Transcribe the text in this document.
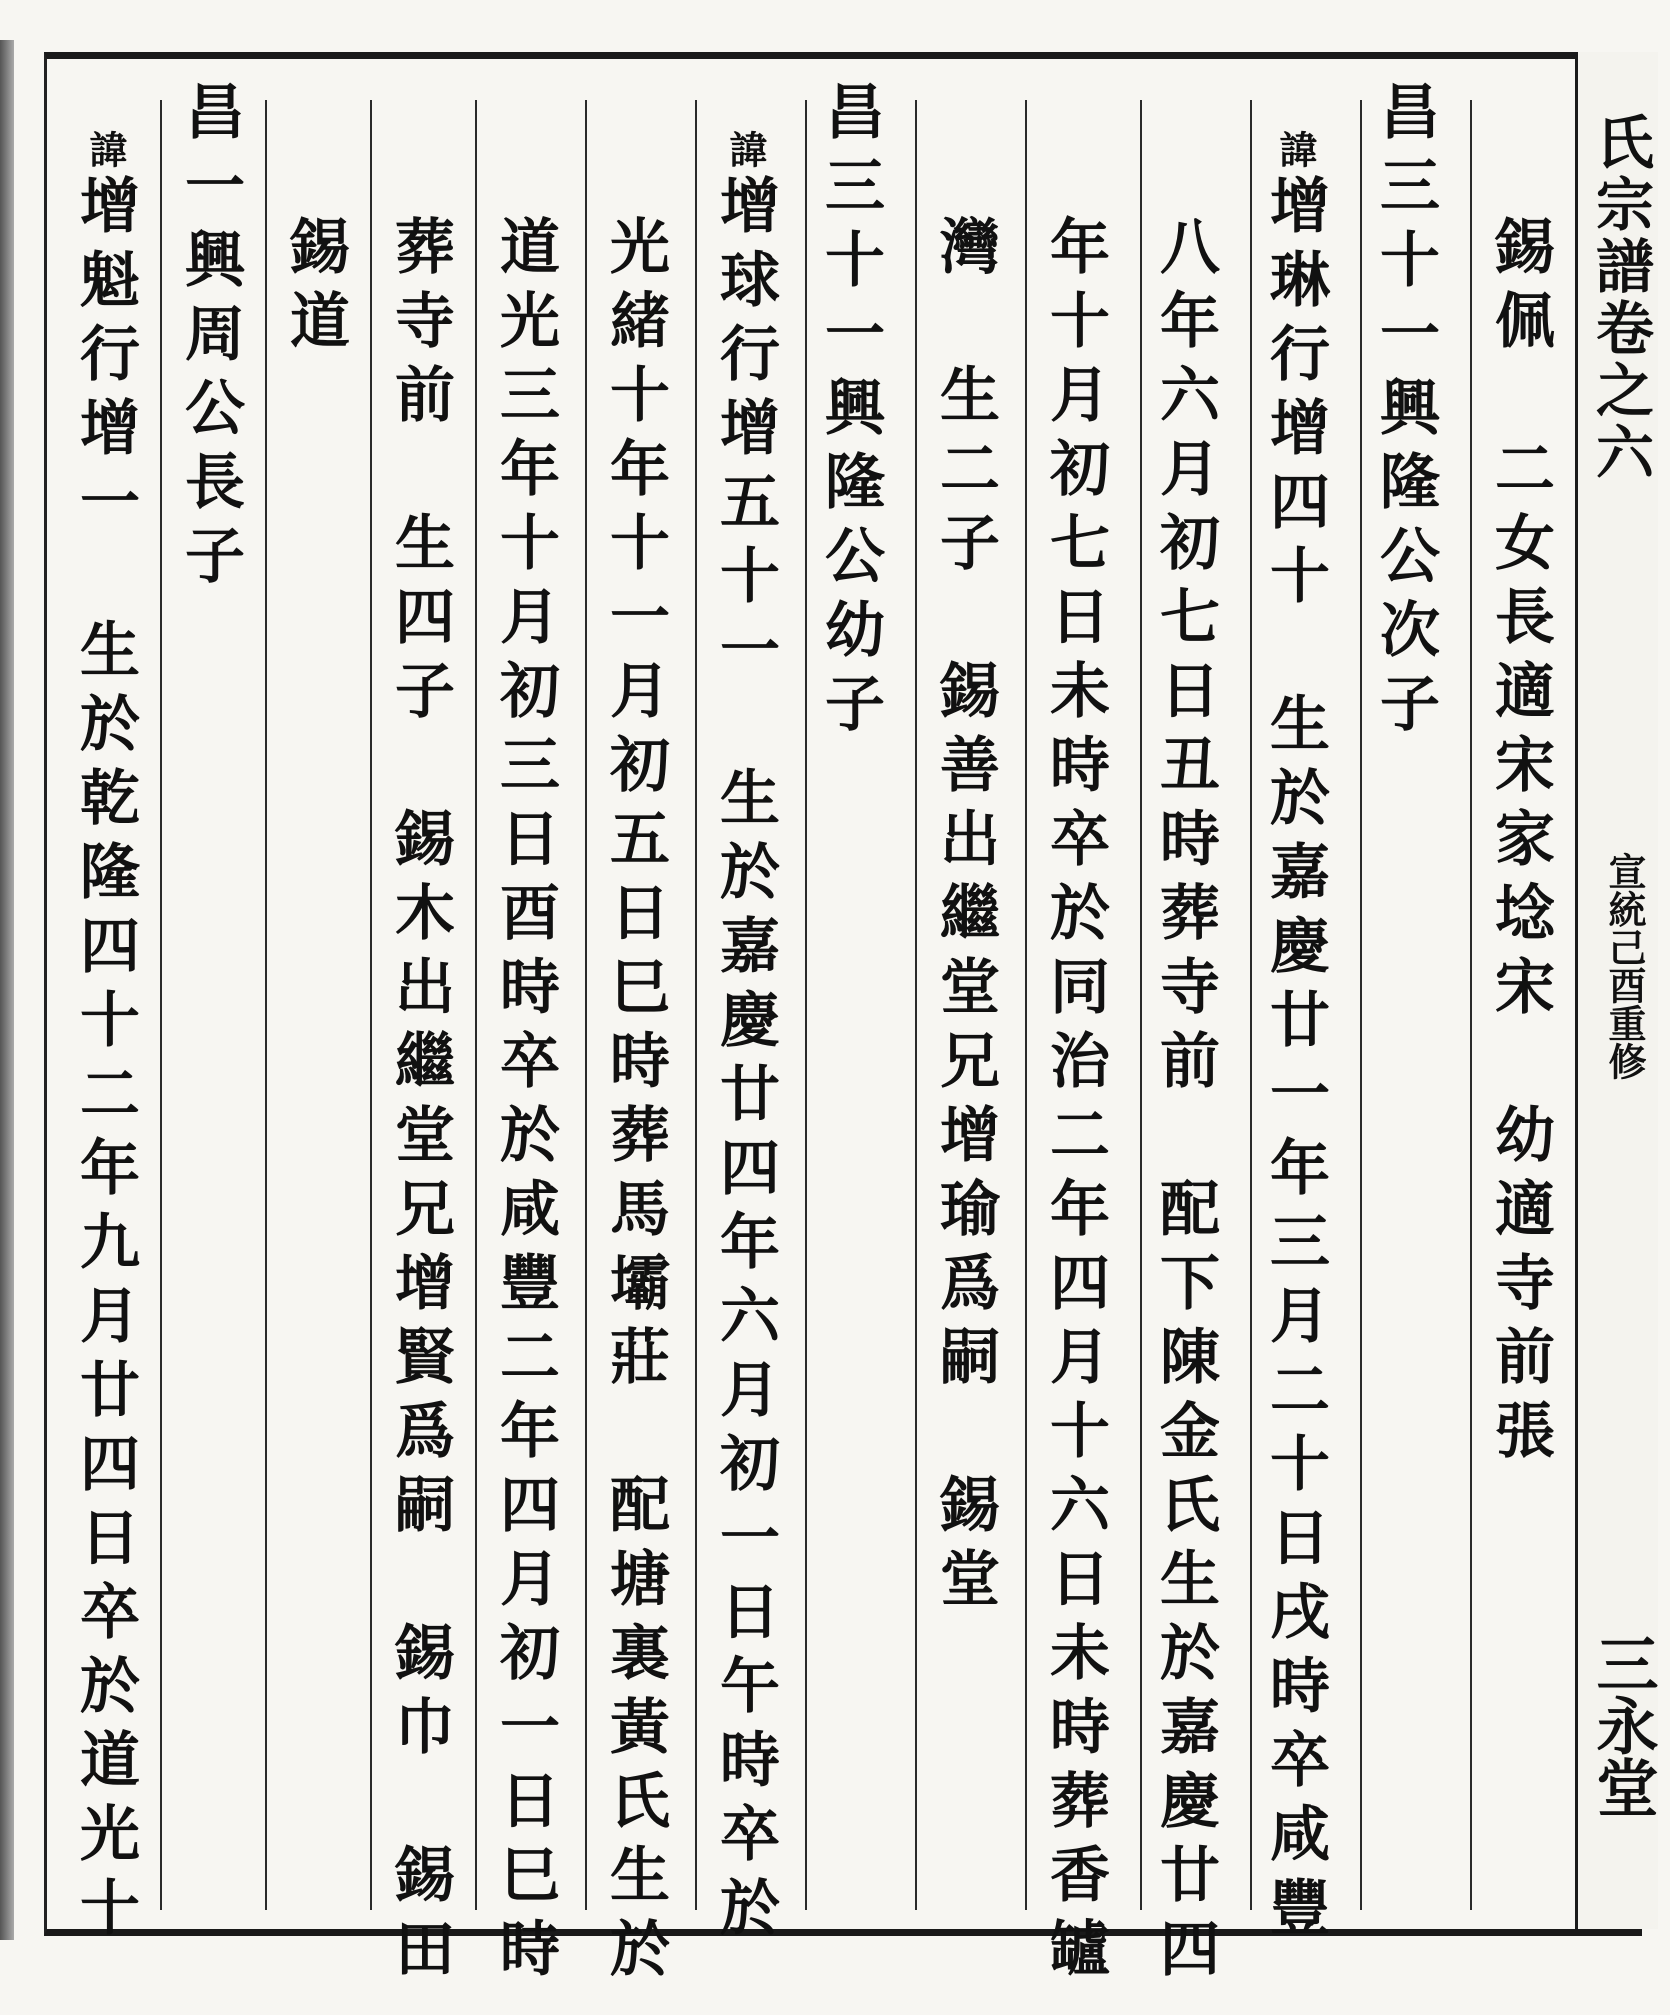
氏宗譜卷之六
宣統己酉重修
三永堂
錫佩　二女長適宋家埝宋　幼適寺前張
昌三十一興隆公次子
諱增琳行增四十　生於嘉慶廿一年三月二十日戌時卒咸豐
八年六月初七日丑時葬寺前　配下陳金氏生於嘉慶廿四
年十月初七日未時卒於同治二年四月十六日未時葬香罏
灣　生二子　錫善出繼堂兄增瑜爲嗣　錫堂
昌三十一興隆公幼子
諱增球行增五十一　生於嘉慶廿四年六月初一日午時卒於
光緒十年十一月初五日巳時葬馬壩莊　配塘裏黃氏生於
道光三年十月初三日酉時卒於咸豐二年四月初一日巳時
葬寺前　生四子　錫木出繼堂兄增賢爲嗣　錫巾　錫田
錫道
昌一興周公長子
諱增魁行增一　生於乾隆四十二年九月廿四日卒於道光十
